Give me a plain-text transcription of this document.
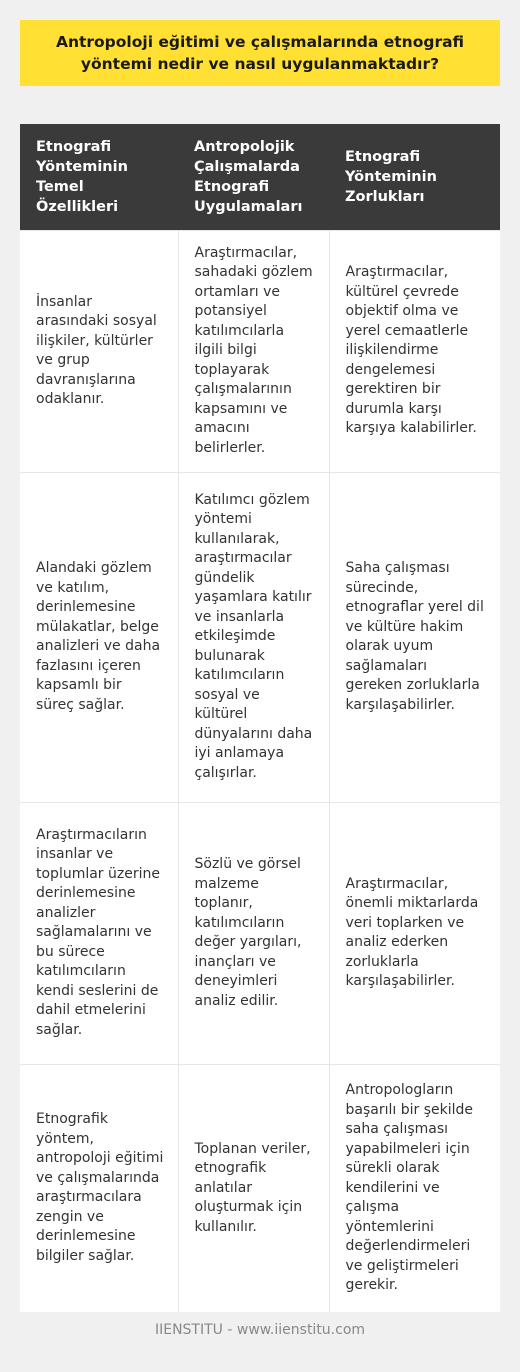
Antropoloji eğitimi ve çalışmalarında etnografi yöntemi nedir ve nasıl uygulanmaktadır?
Etnografi Yönteminin Temel Özellikleri	Antropolojik Çalışmalarda Etnografi Uygulamaları	Etnografi Yönteminin Zorlukları
İnsanlar arasındaki sosyal ilişkiler, kültürler ve grup davranışlarına odaklanır.	Araştırmacılar, sahadaki gözlem ortamları ve potansiyel katılımcılarla ilgili bilgi toplayarak çalışmalarının kapsamını ve amacını belirlerler.	Araştırmacılar, kültürel çevrede objektif olma ve yerel cemaatlerle ilişkilendirme dengelemesi gerektiren bir durumla karşı karşıya kalabilirler.
Alandaki gözlem ve katılım, derinlemesine mülakatlar, belge analizleri ve daha fazlasını içeren kapsamlı bir süreç sağlar.	Katılımcı gözlem yöntemi kullanılarak, araştırmacılar gündelik yaşamlara katılır ve insanlarla etkileşimde bulunarak katılımcıların sosyal ve kültürel dünyalarını daha iyi anlamaya çalışırlar.	Saha çalışması sürecinde, etnograflar yerel dil ve kültüre hakim olarak uyum sağlamaları gereken zorluklarla karşılaşabilirler.
Araştırmacıların insanlar ve toplumlar üzerine derinlemesine analizler sağlamalarını ve bu sürece katılımcıların kendi seslerini de dahil etmelerini sağlar.	Sözlü ve görsel malzeme toplanır, katılımcıların değer yargıları, inançları ve deneyimleri analiz edilir.	Araştırmacılar, önemli miktarlarda veri toplarken ve analiz ederken zorluklarla karşılaşabilirler.
Etnografik yöntem, antropoloji eğitimi ve çalışmalarında araştırmacılara zengin ve derinlemesine bilgiler sağlar.	Toplanan veriler, etnografik anlatılar oluşturmak için kullanılır.	Antropologların başarılı bir şekilde saha çalışması yapabilmeleri için sürekli olarak kendilerini ve çalışma yöntemlerini değerlendirmeleri ve geliştirmeleri gerekir.
IIENSTITU - www.iienstitu.com
